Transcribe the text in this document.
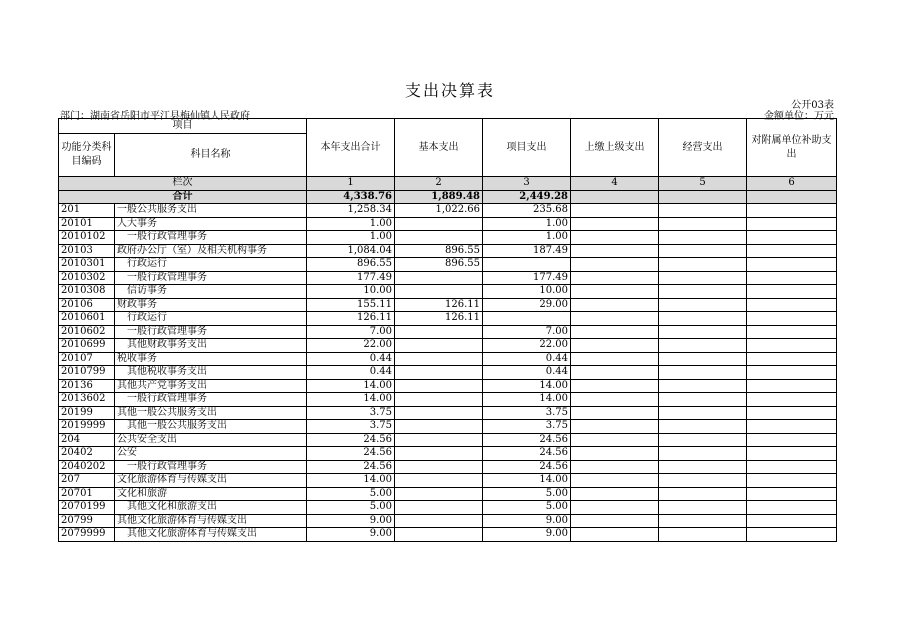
支出决算表
公开03表
部门：湖南省岳阳市平江县梅仙镇人民政府	金额单位：万元
项目		本年支出合计	基本支出	项目支出	上缴上级支出	经营支出	对附属单位补助支出
功能分类科目编码	科目名称						
栏次		1	2	3	4	5	6
合计		4,338.76	1,889.48	2,449.28			
201	一般公共服务支出	1,258.34	1,022.66	235.68			
20101	人大事务	1.00		1.00			
2010102	一般行政管理事务	1.00		1.00			
20103	政府办公厅（室）及相关机构事务	1,084.04	896.55	187.49			
2010301	行政运行	896.55	896.55				
2010302	一般行政管理事务	177.49		177.49			
2010308	信访事务	10.00		10.00			
20106	财政事务	155.11	126.11	29.00			
2010601	行政运行	126.11	126.11				
2010602	一般行政管理事务	7.00		7.00			
2010699	其他财政事务支出	22.00		22.00			
20107	税收事务	0.44		0.44			
2010799	其他税收事务支出	0.44		0.44			
20136	其他共产党事务支出	14.00		14.00			
2013602	一般行政管理事务	14.00		14.00			
20199	其他一般公共服务支出	3.75		3.75			
2019999	其他一般公共服务支出	3.75		3.75			
204	公共安全支出	24.56		24.56			
20402	公安	24.56		24.56			
2040202	一般行政管理事务	24.56		24.56			
207	文化旅游体育与传媒支出	14.00		14.00			
20701	文化和旅游	5.00		5.00			
2070199	其他文化和旅游支出	5.00		5.00			
20799	其他文化旅游体育与传媒支出	9.00		9.00			
2079999	其他文化旅游体育与传媒支出	9.00		9.00			
